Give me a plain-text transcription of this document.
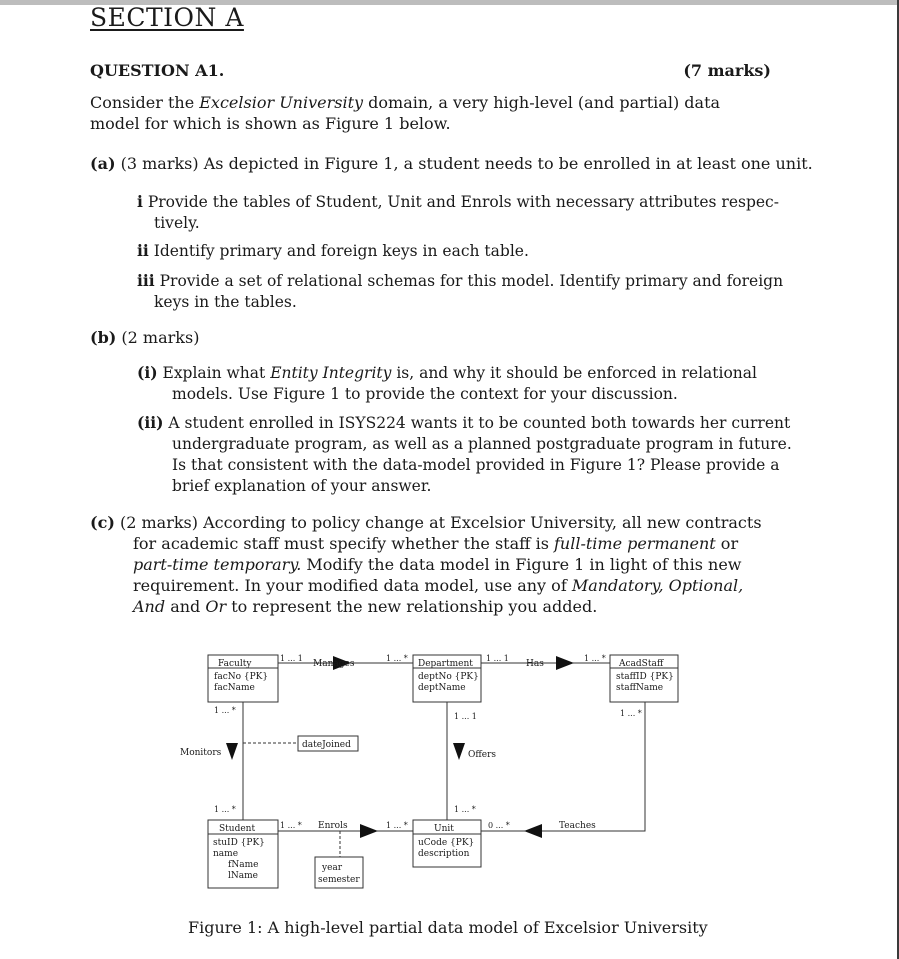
SECTION A
QUESTION A1.	(7 marks)
Consider the Excelsior University domain, a very high-level (and partial) data model for which is shown as Figure 1 below.
(a) (3 marks) As depicted in Figure 1, a student needs to be enrolled in at least one unit.
i Provide the tables of Student, Unit and Enrols with necessary attributes respec-tively.
ii Identify primary and foreign keys in each table.
iii Provide a set of relational schemas for this model. Identify primary and foreign keys in the tables.
(b) (2 marks)
(i) Explain what Entity Integrity is, and why it should be enforced in relational models. Use Figure 1 to provide the context for your discussion.
(ii) A student enrolled in ISYS224 wants it to be counted both towards her current undergraduate program, as well as a planned postgraduate program in future. Is that consistent with the data-model provided in Figure 1? Please provide a brief explanation of your answer.
(c) (2 marks) According to policy change at Excelsior University, all new contracts for academic staff must specify whether the staff is full-time permanent or part-time temporary. Modify the data model in Figure 1 in light of this new requirement. In your modified data model, use any of Mandatory, Optional, And and Or to represent the new relationship you added.
Faculty
facNo {PK}
facName
Department
deptNo {PK}
deptName
AcadStaff
staffID {PK}
staffName
Student
stuID {PK}
name
fName
lName
Unit
uCode {PK}
description
dateJoined
year
semester
Manages	Has
Monitors	Offers
Enrols	Teaches
1 ... 1	1 ... *	1 ... 1	1 ... *
1 ... *
1 ... 1	1 ... *
1 ... *	1 ... *
1 ... *	1 ... *	0 ... *
Figure 1: A high-level partial data model of Excelsior University
